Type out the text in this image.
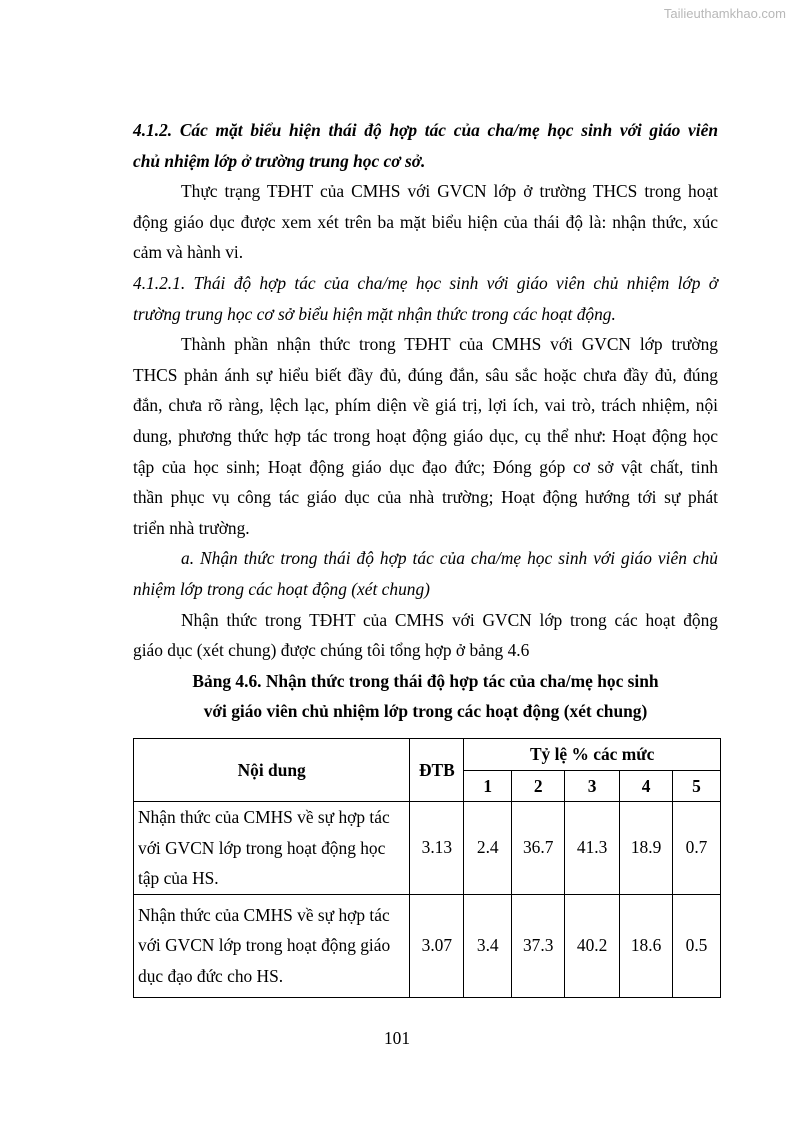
Tailieuthamkhao.com
4.1.2. Các mặt biểu hiện thái độ hợp tác của cha/mẹ học sinh với giáo viên
chủ nhiệm lớp ở trường trung học cơ sở.
Thực trạng TĐHT của CMHS với GVCN lớp ở trường THCS trong hoạt
động giáo dục được xem xét trên ba mặt biểu hiện của thái độ là: nhận thức, xúc
cảm và hành vi.
4.1.2.1. Thái độ hợp tác của cha/mẹ học sinh với giáo viên chủ nhiệm lớp ở
trường trung học cơ sở biểu hiện mặt nhận thức trong các hoạt động.
Thành phần nhận thức trong TĐHT của CMHS với GVCN lớp trường
THCS phản ánh sự hiểu biết đầy đủ, đúng đắn, sâu sắc hoặc chưa đầy đủ, đúng
đắn, chưa rõ ràng, lệch lạc, phím diện về giá trị, lợi ích, vai trò, trách nhiệm, nội
dung, phương thức hợp tác trong hoạt động giáo dục, cụ thể như: Hoạt động học
tập của học sinh; Hoạt động giáo dục đạo đức; Đóng góp cơ sở vật chất, tinh
thần phục vụ công tác giáo dục của nhà trường; Hoạt động hướng tới sự phát
triển nhà trường.
a. Nhận thức trong thái độ hợp tác của cha/mẹ học sinh với giáo viên chủ
nhiệm lớp trong các hoạt động (xét chung)
Nhận thức trong TĐHT của CMHS với GVCN lớp trong các hoạt động
giáo dục (xét chung) được chúng tôi tổng hợp ở bảng 4.6
Bảng 4.6. Nhận thức trong thái độ hợp tác của cha/mẹ học sinh
với giáo viên chủ nhiệm lớp trong các hoạt động (xét chung)
Nội dung	ĐTB	Tỷ lệ % các mức				
		1	2	3	4	5
Nhận thức của CMHS về sự hợp tác với GVCN lớp trong hoạt động học tập của HS.	3.13	2.4	36.7	41.3	18.9	0.7
Nhận thức của CMHS về sự hợp tác với GVCN lớp trong hoạt động giáo dục đạo đức cho HS.	3.07	3.4	37.3	40.2	18.6	0.5
101
